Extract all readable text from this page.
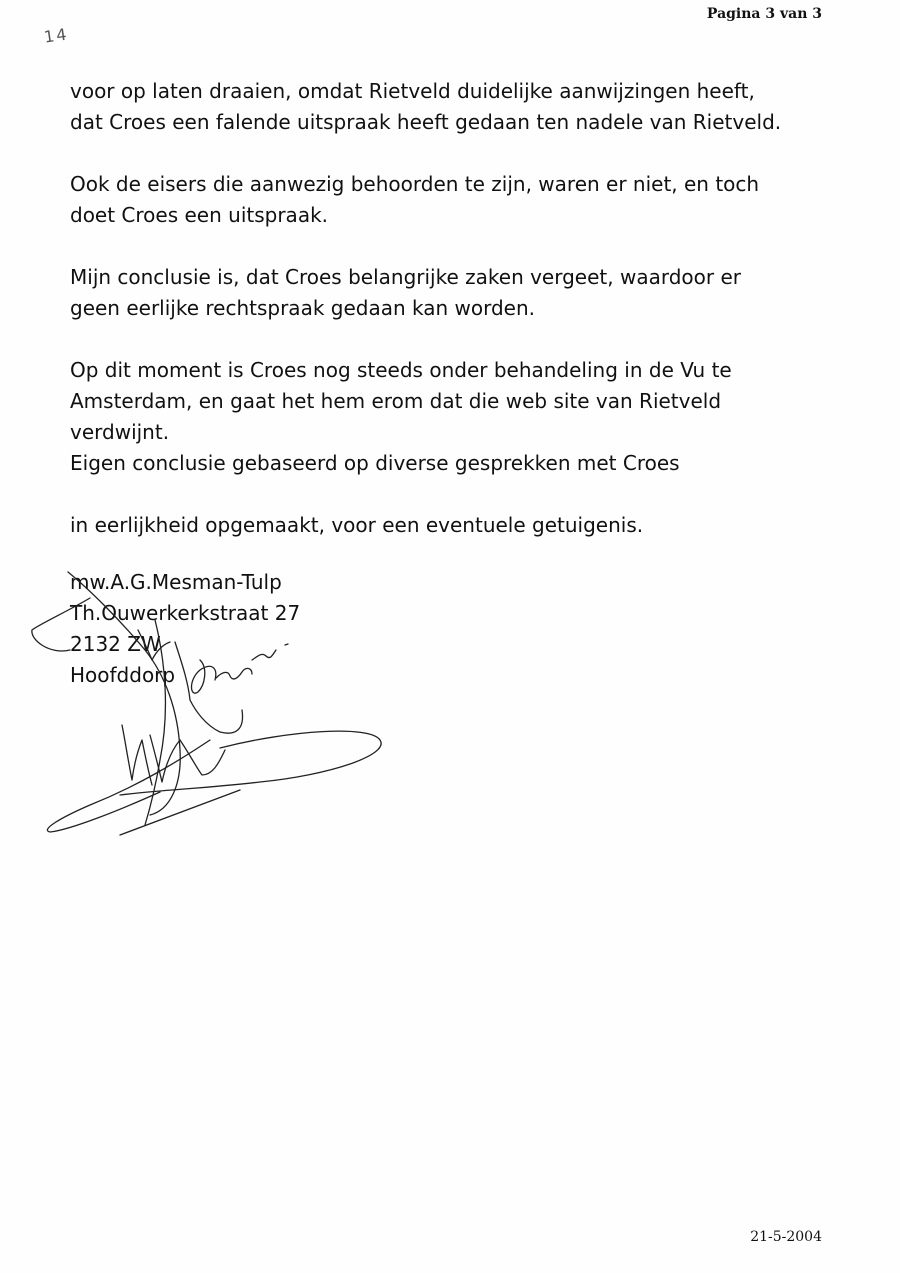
Pagina 3 van 3
14
voor op laten draaien, omdat Rietveld duidelijke aanwijzingen heeft,
dat Croes een falende uitspraak heeft gedaan ten nadele van Rietveld.
Ook de eisers die aanwezig behoorden te zijn, waren er niet, en toch
doet Croes een uitspraak.
Mijn conclusie is, dat Croes belangrijke zaken vergeet, waardoor er
geen eerlijke rechtspraak gedaan kan worden.
Op dit moment is Croes nog steeds onder behandeling in de Vu te
Amsterdam, en gaat het hem erom dat die web site van Rietveld
verdwijnt.
Eigen conclusie gebaseerd op diverse gesprekken met Croes
in eerlijkheid opgemaakt, voor een eventuele getuigenis.
mw.A.G.Mesman-Tulp
Th.Ouwerkerkstraat 27
2132 ZW
Hoofddorp
21-5-2004
